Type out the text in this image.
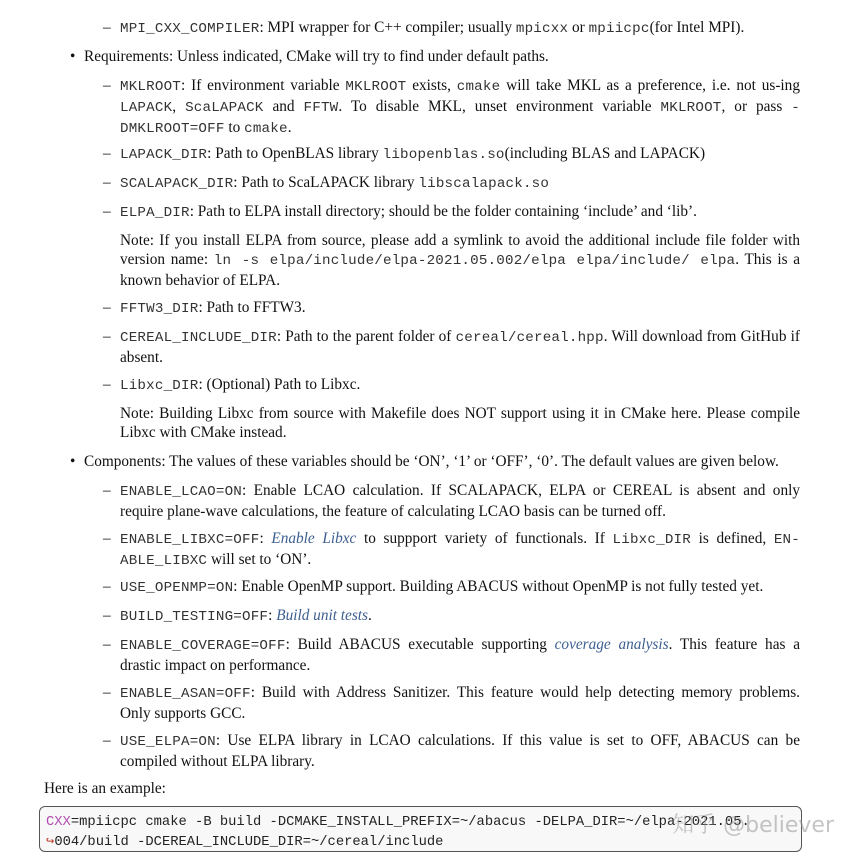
– MPI_CXX_COMPILER: MPI wrapper for C++ compiler; usually mpicxx or mpiicpc(for Intel MPI).
• Requirements: Unless indicated, CMake will try to find under default paths.
– MKLROOT: If environment variable MKLROOT exists, cmake will take MKL as a preference, i.e. not us-ing LAPACK, ScaLAPACK and FFTW. To disable MKL, unset environment variable MKLROOT, or pass -DMKLROOT=OFF to cmake.
– LAPACK_DIR: Path to OpenBLAS library libopenblas.so(including BLAS and LAPACK)
– SCALAPACK_DIR: Path to ScaLAPACK library libscalapack.so
– ELPA_DIR: Path to ELPA install directory; should be the folder containing ‘include’ and ‘lib’.
Note: If you install ELPA from source, please add a symlink to avoid the additional include file folder with version name: ln -s elpa/include/elpa-2021.05.002/elpa elpa/include/ elpa. This is a known behavior of ELPA.
– FFTW3_DIR: Path to FFTW3.
– CEREAL_INCLUDE_DIR: Path to the parent folder of cereal/cereal.hpp. Will download from GitHub if absent.
– Libxc_DIR: (Optional) Path to Libxc.
Note: Building Libxc from source with Makefile does NOT support using it in CMake here. Please compile Libxc with CMake instead.
• Components: The values of these variables should be ‘ON’, ‘1’ or ‘OFF’, ‘0’. The default values are given below.
– ENABLE_LCAO=ON: Enable LCAO calculation. If SCALAPACK, ELPA or CEREAL is absent and only require plane-wave calculations, the feature of calculating LCAO basis can be turned off.
– ENABLE_LIBXC=OFF: Enable Libxc to suppport variety of functionals. If Libxc_DIR is defined, EN-ABLE_LIBXC will set to ‘ON’.
– USE_OPENMP=ON: Enable OpenMP support. Building ABACUS without OpenMP is not fully tested yet.
– BUILD_TESTING=OFF: Build unit tests.
– ENABLE_COVERAGE=OFF: Build ABACUS executable supporting coverage analysis. This feature has a drastic impact on performance.
– ENABLE_ASAN=OFF: Build with Address Sanitizer. This feature would help detecting memory problems. Only supports GCC.
– USE_ELPA=ON: Use ELPA library in LCAO calculations. If this value is set to OFF, ABACUS can be compiled without ELPA library.
Here is an example:
CXX=mpiicpc cmake -B build -DCMAKE_INSTALL_PREFIX=~/abacus -DELPA_DIR=~/elpa-2021.05.
↪004/build -DCEREAL_INCLUDE_DIR=~/cereal/include
知乎 @believer
